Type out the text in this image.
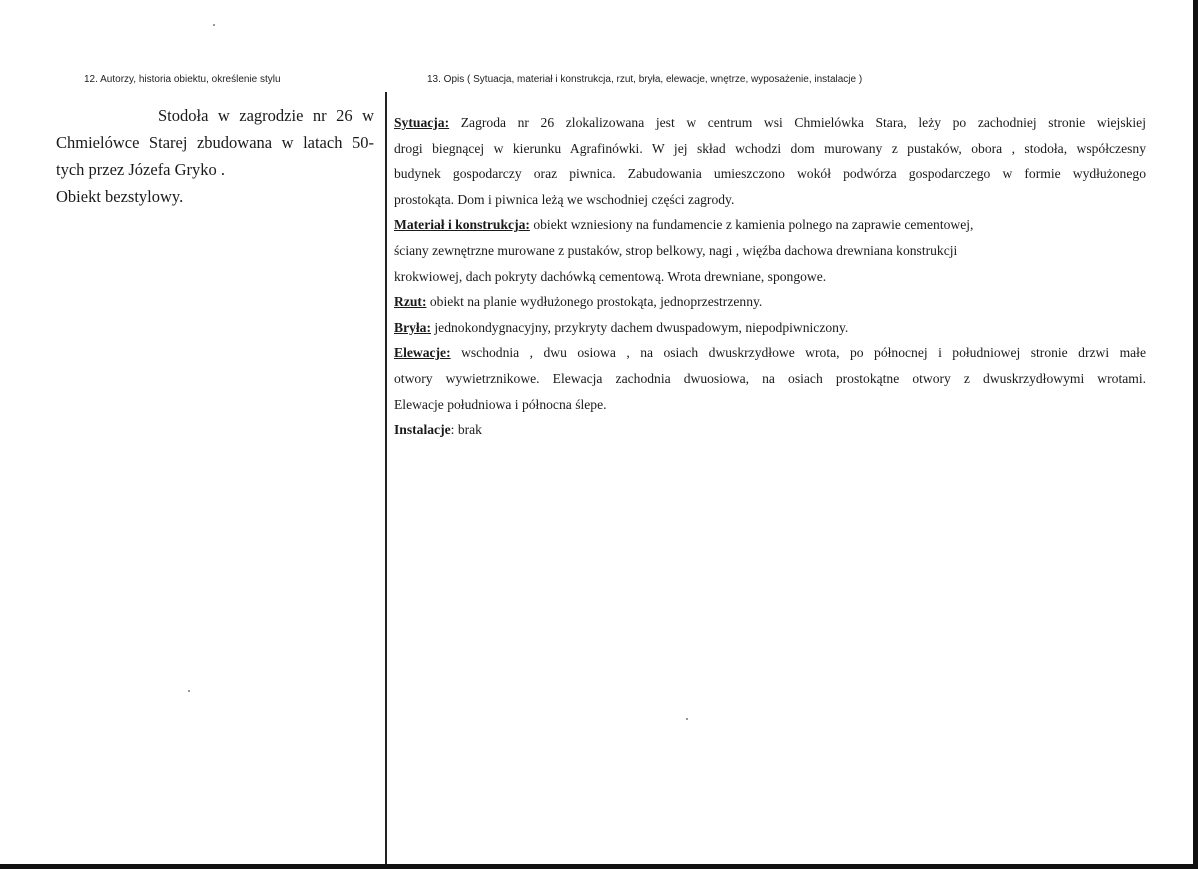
12. Autorzy, historia obiektu, określenie stylu	13. Opis ( Sytuacja, materiał i konstrukcja, rzut, bryła, elewacje, wnętrze, wyposażenie, instalacje )

Stodoła w zagrodzie nr 26 w

Chmielówce Starej zbudowana w latach 50-

tych przez Józefa Gryko .

Obiekt bezstylowy.

Sytuacja: Zagroda nr 26 zlokalizowana jest w centrum wsi Chmielówka Stara, leży po zachodniej stronie wiejskiej

drogi biegnącej w kierunku Agrafinówki. W jej skład wchodzi dom murowany z pustaków, obora , stodoła, współczesny

budynek gospodarczy oraz piwnica. Zabudowania umieszczono wokół podwórza gospodarczego w formie wydłużonego

prostokąta. Dom i piwnica leżą we wschodniej części zagrody.

Materiał i konstrukcja: obiekt wzniesiony na fundamencie z kamienia polnego na zaprawie cementowej,

ściany zewnętrzne murowane z pustaków, strop belkowy, nagi , więźba dachowa drewniana konstrukcji

krokwiowej, dach pokryty dachówką cementową. Wrota drewniane, spongowe.

Rzut: obiekt na planie wydłużonego prostokąta, jednoprzestrzenny.

Bryła: jednokondygnacyjny, przykryty dachem dwuspadowym, niepodpiwniczony.

Elewacje: wschodnia , dwu osiowa , na osiach dwuskrzydłowe wrota, po północnej i południowej stronie drzwi małe

otwory wywietrznikowe. Elewacja zachodnia dwuosiowa, na osiach prostokątne otwory z dwuskrzydłowymi wrotami.

Elewacje południowa i północna ślepe.

Instalacje: brak
